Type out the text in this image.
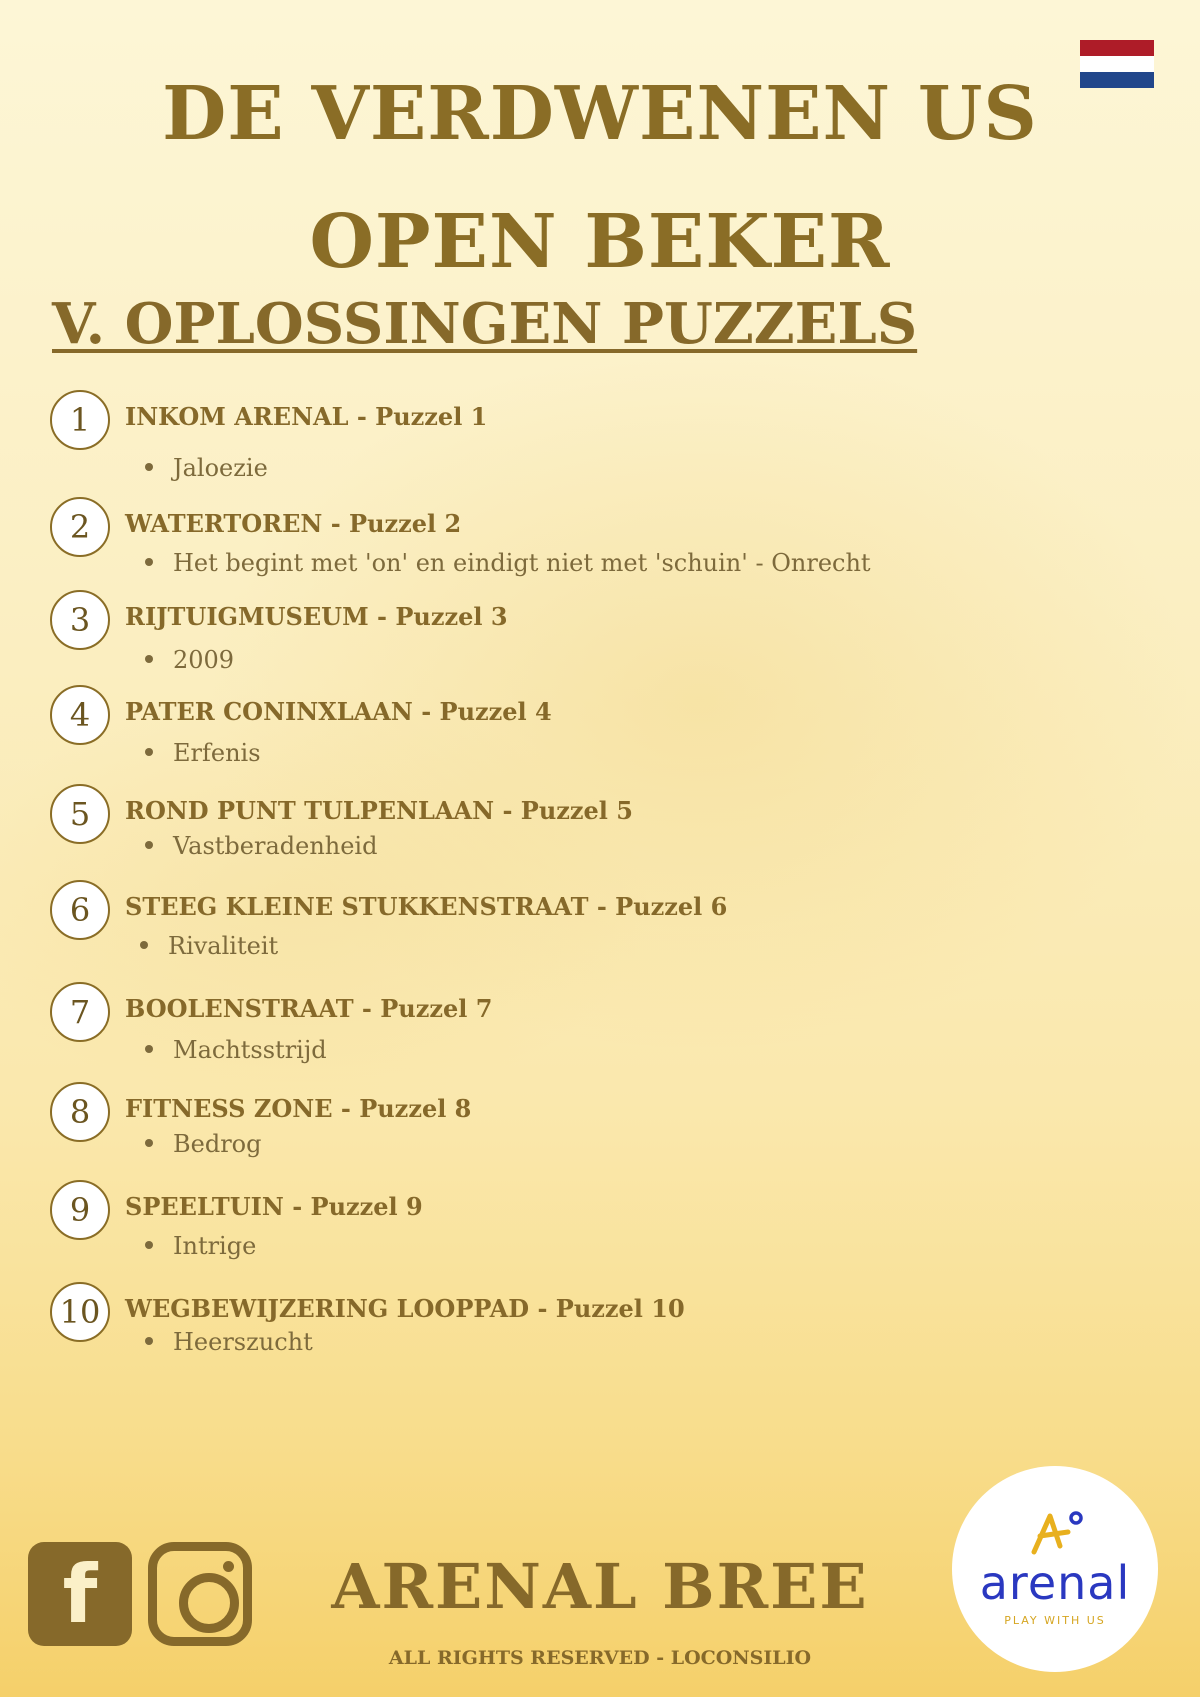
DE VERDWENEN US
OPEN BEKER
V. OPLOSSINGEN PUZZELS
1	INKOM ARENAL - Puzzel 1
Jaloezie
2	WATERTOREN - Puzzel 2
Het begint met 'on' en eindigt niet met 'schuin' - Onrecht
3	RIJTUIGMUSEUM - Puzzel 3
2009
4	PATER CONINXLAAN - Puzzel 4
Erfenis
5	ROND PUNT TULPENLAAN - Puzzel 5
Vastberadenheid
6	STEEG KLEINE STUKKENSTRAAT - Puzzel 6
Rivaliteit
7	BOOLENSTRAAT - Puzzel 7
Machtsstrijd
8	FITNESS ZONE - Puzzel 8
Bedrog
9	SPEELTUIN - Puzzel 9
Intrige
10	WEGBEWIJZERING LOOPPAD - Puzzel 10
Heerszucht
f	ARENAL BREE
ALL RIGHTS RESERVED - LOCONSILIO
arenal
PLAY WITH US
